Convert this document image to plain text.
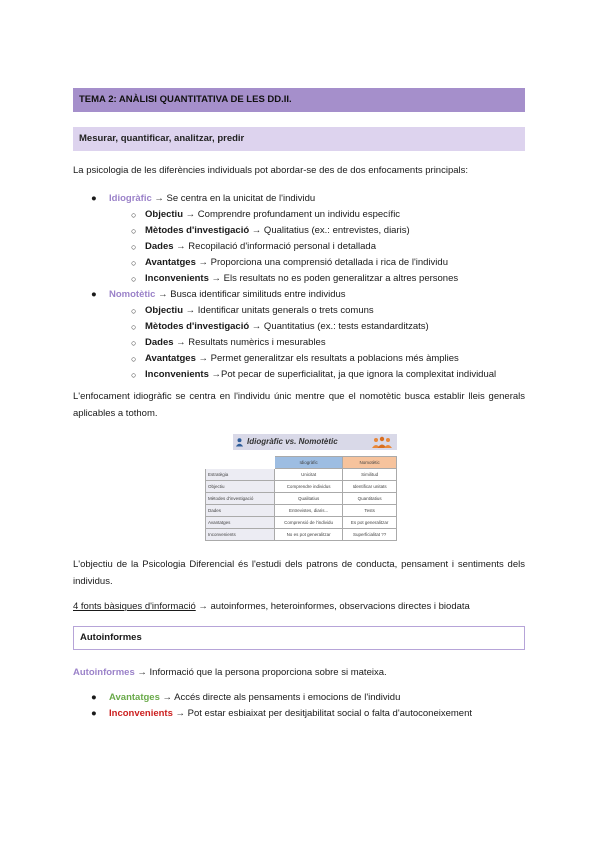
TEMA 2: ANÀLISI QUANTITATIVA DE LES DD.II.
Mesurar, quantificar, analitzar, predir
La psicologia de les diferències individuals pot abordar-se des de dos enfocaments principals:
● Idiogràfic → Se centra en la unicitat de l'individu
○ Objectiu → Comprendre profundament un individu específic
○ Mètodes d'investigació → Qualitatius (ex.: entrevistes, diaris)
○ Dades → Recopilació d'informació personal i detallada
○ Avantatges → Proporciona una comprensió detallada i rica de l'individu
○ Inconvenients → Els resultats no es poden generalitzar a altres persones
● Nomotètic → Busca identificar similituds entre individus
○ Objectiu → Identificar unitats generals o trets comuns
○ Mètodes d'investigació → Quantitatius (ex.: tests estandarditzats)
○ Dades → Resultats numèrics i mesurables
○ Avantatges → Permet generalitzar els resultats a poblacions més àmplies
○ Inconvenients →Pot pecar de superficialitat, ja que ignora la complexitat individual
L'enfocament idiogràfic se centra en l'individu únic mentre que el nomotètic busca establir lleis generals aplicables a tothom.
Idiogràfic vs. Nomotètic
	Idiogràfic	Nomotètic
Estratègia	Unicitat	Similitud
Objectiu	Comprendre individus	Identificar unitats
Mètodes d'investigació	Qualitatius	Quantitatius
Dades	Entrevistes, diaris...	Tests
Avantatges	Comprensió de l'individu	Es pot generalitzar
Inconvenients	No es pot generalitzar	Superficialitat ??
L'objectiu de la Psicologia Diferencial és l'estudi dels patrons de conducta, pensament i sentiments dels individus.
4 fonts bàsiques d'informació → autoinformes, heteroinformes, observacions directes i biodata
Autoinformes
Autoinformes → Informació que la persona proporciona sobre si mateixa.
● Avantatges → Accés directe als pensaments i emocions de l'individu
● Inconvenients → Pot estar esbiaixat per desitjabilitat social o falta d'autoconeixement
